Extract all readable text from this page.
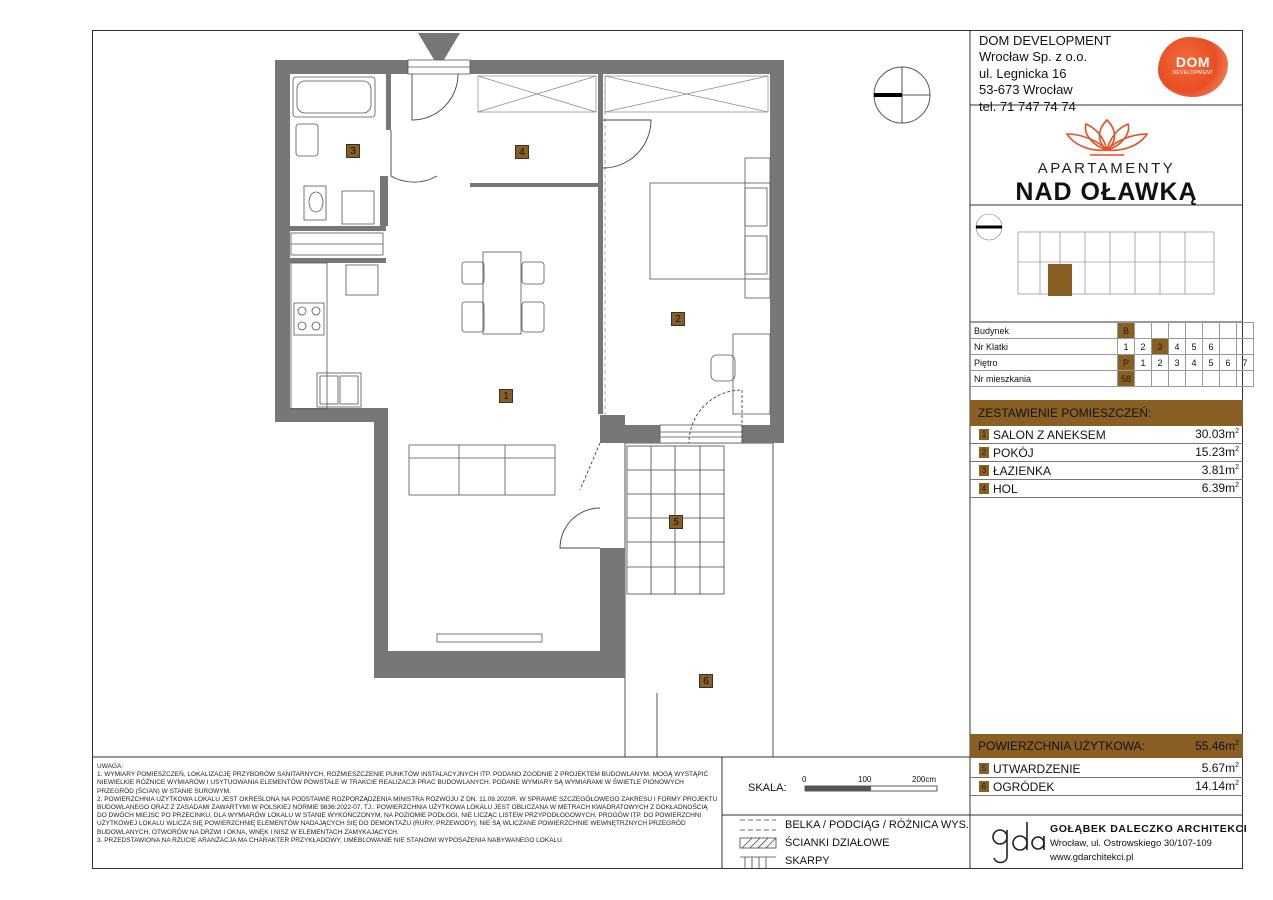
1
2
3	4
5
6
DOM DEVELOPMENT
Wrocław Sp. z o.o.
ul. Legnicka 16
53-673 Wrocław
tel. 71 747 74 74
DOM
DEVELOPMENT
APARTAMENTY
NAD OŁAWKĄ
Budynek	B							
Nr Klatki	1	2	3	4	5	6		
Piętro	P	1	2	3	4	5	6	7
Nr mieszkania	58							
ZESTAWIENIE POMIESZCZEŃ:
1 SALON Z ANEKSEM	$30.03m^2$
2 POKÓJ	$15.23m^2$
3 ŁAZIENKA	$3.81m^2$
4 HOL	$6.39m^2$
POWIERZCHNIA UŻYTKOWA:	$55.46m^2$
5 UTWARDZENIE	$5.67m^2$
6 OGRÓDEK	$14.14m^2$

UWAGA:

1. WYMIARY POMIESZCZEŃ, LOKALIZACJĘ PRZYBORÓW SANITARNYCH, ROZMIESZCZENIE PUNKTÓW INSTALACYJNYCH ITP. PODANO ZGODNIE Z PROJEKTEM BUDOWLANYM. MOGĄ WYSTĄPIĆ NIEWIELKIE RÓŻNICE WYMIARÓW I USYTUOWANIA ELEMENTÓW POWSTAŁE W TRAKCIE REALIZACJI PRAC BUDOWLANYCH. PODANE WYMIARY SĄ WYMIARAMI W ŚWIETLE PIONOWYCH PRZEGRÓD (ŚCIAN) W STANIE SUROWYM.

2. POWIERZCHNIA UŻYTKOWA LOKALU JEST OKREŚLONA NA PODSTAWIE ROZPORZĄDZENIA MINISTRA ROZWOJU Z DN. 11.09.2020R. W SPRAWIE SZCZEGÓŁOWEGO ZAKRESU I FORMY PROJEKTU BUDOWLANEGO ORAZ Z ZASADAMI ZAWARTYMI W POLSKIEJ NORMIE 9836:2022-07, TJ.: POWIERZCHNIA UŻYTKOWA LOKALU JEST OBLICZANA W METRACH KWADRATOWYCH Z DOKŁADNOŚCIĄ DO DWÓCH MIEJSC PO PRZECINKU, DLA WYMIARÓW LOKALU W STANIE WYKOŃCZONYM, NA POZIOMIE PODŁOGI, NIE LICZĄC LISTEW PRZYPODŁOGOWYCH, PROGÓW ITP. DO POWIERZCHNI UŻYTKOWEJ LOKALU WLICZA SIĘ POWIERZCHNIĘ ELEMENTÓW NADAJĄCYCH SIĘ DO DEMONTAŻU (RURY, PRZEWODY), NIE SĄ WLICZANE POWIERZCHNIE WEWNĘTRZNYCH PRZEGRÓD BUDOWLANYCH, OTWORÓW NA DRZWI I OKNA, WNĘK I NISZ W ELEMENTACH ZAMYKAJĄCYCH.

3. PRZEDSTAWIONA NA RZUCIE ARANŻACJA MA CHARAKTER PRZYKŁADOWY, UMEBLOWANIE NIE STANOWI WYPOSAŻENIA NABYWANEGO LOKALU.

SKALA:
0	100	200cm
BELKA / PODCIĄG / RÓŻNICA WYS.
ŚCIANKI DZIAŁOWE
SKARPY
GOŁĄBEK DALECZKO ARCHITEKCI
Wrocław, ul. Ostrowskiego 30/107-109
www.gdarchitekci.pl
